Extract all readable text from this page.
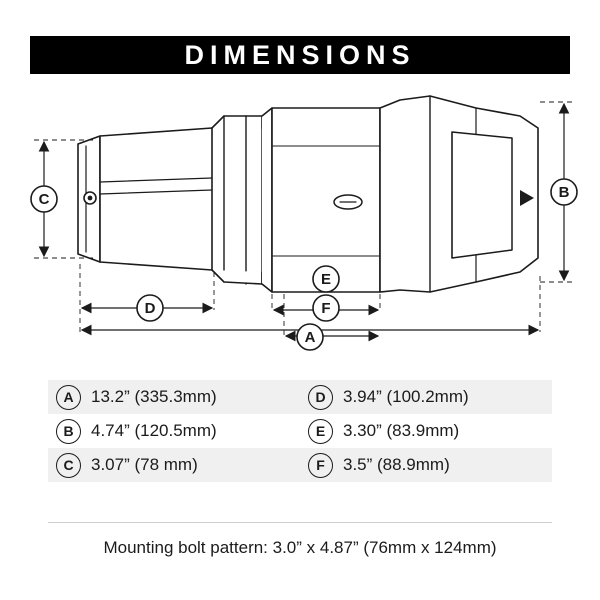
DIMENSIONS
C	B
D
E
F
A
A	13.2” (335.3mm)	D	3.94” (100.2mm)
B	4.74” (120.5mm)	E	3.30” (83.9mm)
C	3.07” (78 mm)	F	3.5” (88.9mm)
Mounting bolt pattern: 3.0” x 4.87” (76mm x 124mm)
